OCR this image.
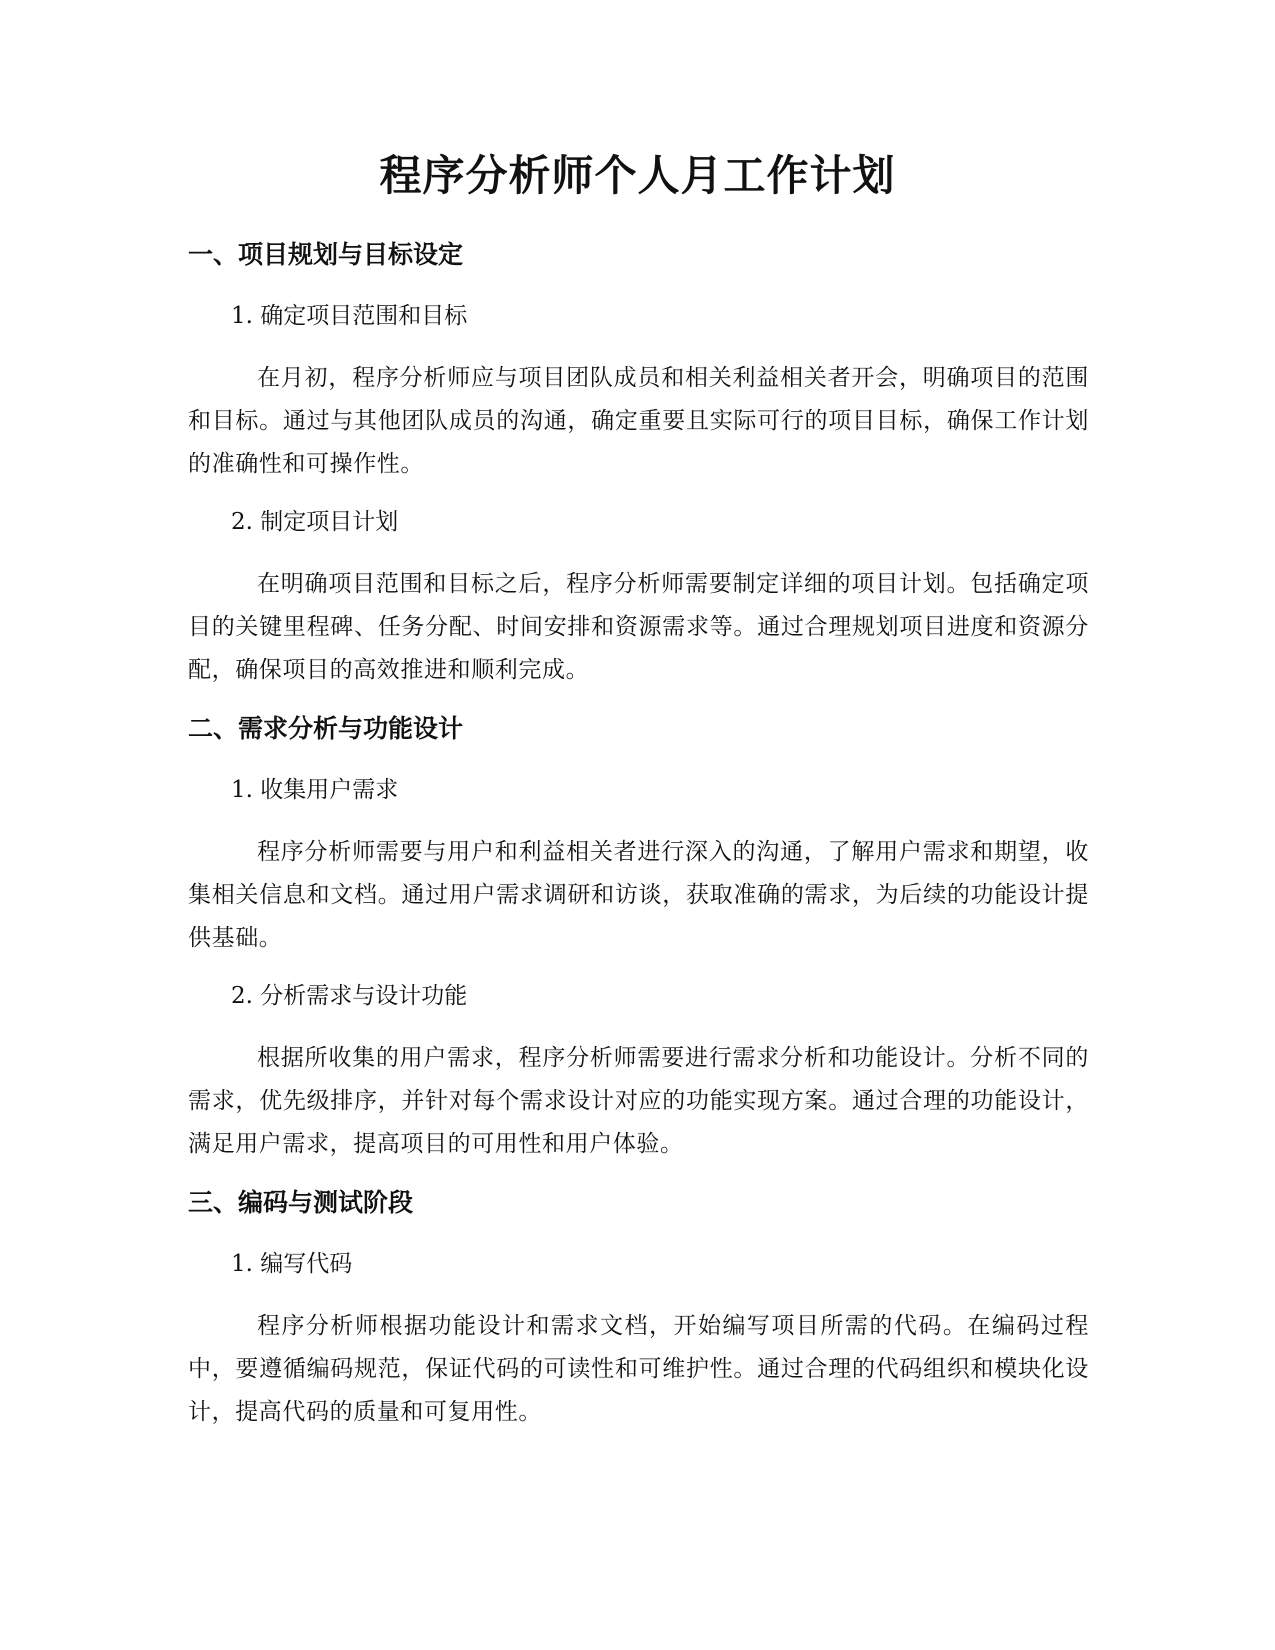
程序分析师个人月工作计划
一、项目规划与目标设定
1. 确定项目范围和目标

在月初，程序分析师应与项目团队成员和相关利益相关者开会，明确项目的范围和目标。通过与其他团队成员的沟通，确定重要且实际可行的项目目标，确保工作计划的准确性和可操作性。

2. 制定项目计划

在明确项目范围和目标之后，程序分析师需要制定详细的项目计划。包括确定项目的关键里程碑、任务分配、时间安排和资源需求等。通过合理规划项目进度和资源分配，确保项目的高效推进和顺利完成。

二、需求分析与功能设计
1. 收集用户需求

程序分析师需要与用户和利益相关者进行深入的沟通，了解用户需求和期望，收集相关信息和文档。通过用户需求调研和访谈，获取准确的需求，为后续的功能设计提供基础。

2. 分析需求与设计功能

根据所收集的用户需求，程序分析师需要进行需求分析和功能设计。分析不同的需求，优先级排序，并针对每个需求设计对应的功能实现方案。通过合理的功能设计，满足用户需求，提高项目的可用性和用户体验。

三、编码与测试阶段
1. 编写代码

程序分析师根据功能设计和需求文档，开始编写项目所需的代码。在编码过程中，要遵循编码规范，保证代码的可读性和可维护性。通过合理的代码组织和模块化设计，提高代码的质量和可复用性。
